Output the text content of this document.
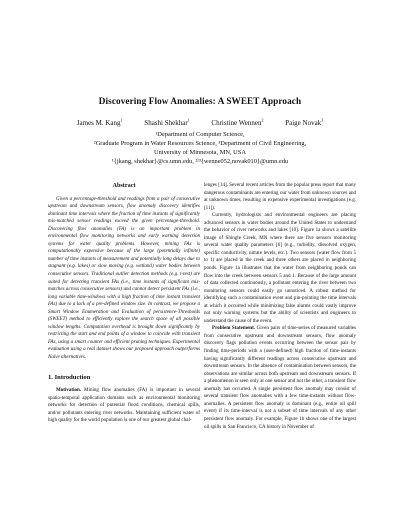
Discovering Flow Anomalies: A SWEET Approach
James M. Kang$^1$	Shashi Shekhar$^1$	Christine Wennen$^2$	Paige Novak$^3$
¹Department of Computer Science,
²Graduate Program in Water Resources Science, ³Department of Civil Engineering,
University of Minnesota, MN, USA
¹{jkang, shekhar}@cs.umn.edu, ²ˀ³{wenne052,novak010}@umn.edu
Abstract

Given a percentage-threshold and readings from a pair of consecutive upstream and downstream sensors, flow anomaly discovery identifies dominant time intervals where the fraction of time instants of significantly mis-matched sensor readings exceed the given percentage-threshold. Discovering flow anomalies (FA) is an important problem in environmental flow monitoring networks and early warning detection systems for water quality problems. However, mining FAs is computationally expensive because of the large (potentially infinite) number of time instants of measurement and potentially long delays due to stagnant (e.g. lakes) or slow moving (e.g. wetland) water bodies between consecutive sensors. Traditional outlier detection methods (e.g. t-test) are suited for detecting transient FAs (i.e., time instants of significant mis-matches across consecutive sensors) and cannot detect persistent FAs (i.e., long variable time-windows with a high fraction of time instant transient FAs) due to a lack of a pre-defined window size. In contrast, we propose a Smart Window Enumeration and Evaluation of persistence-Thresholds (SWEET) method to efficiently explore the search space of all possible window lengths. Computation overhead is brought down significantly by restricting the start and end points of a window to coincide with transient FAs, using a smart counter and efficient pruning techniques. Experimental evaluation using a real dataset shows our proposed approach outperforms Naïve alternatives.

1. Introduction

Motivation. Mining flow anomalies (FA) is important in several spatio-temporal application domains such as environmental monitoring networks for detection of potential flood conditions, chemical spills, and/or pollutants entering river networks. Maintaining sufficient water of high quality for the world population is one of our greatest global chal-

lenges [14]. Several recent articles from the popular press report that many dangerous contaminants are entering our water from unknown sources and at unknown times, resulting in expensive experimental investigations (e.g. [11]).

Currently, hydrologists and environmental engineers are placing advanced sensors in water bodies around the United States to understand the behavior of river networks and lakes [10]. Figure 1a shows a satellite image of Shingle Creek, MN where there are five sensors monitoring several water quality parameters [6] (e.g., turbidity, dissolved oxygen, specific conductivity, nitrate levels, etc.). Two sensors (water flow from 5 to 1) are placed in the creek and three others are placed in neighboring ponds. Figure 1a illustrates that the water from neighboring ponds can flow into the creek between sensors 5 and 1. Because of the large amount of data collected continuously, a pollutant entering the river between two monitoring sensors could easily go unnoticed. A robust method for identifying such a contamination event and pin-pointing the time intervals at which it occurred while minimizing false alarms could vastly improve not only warning systems but the ability of scientists and engineers to understand the cause of the event.

Problem Statement. Given pairs of time-series of measured variables from consecutive upstream and downstream sensors, flow anomaly discovery flags pollution events occurring between the sensor pair by finding time-periods with a (user-defined) high fraction of time-instants having significantly different readings across consecutive upstream and downstream sensors. In the absence of contamination between sensors, the observations are similar across both upstream and downstream sensors. If a phenomenon is seen only at one sensor and not the other, a transient flow anomaly has occurred. A single persistent flow anomaly may consist of several transient flow anomalies with a few time-instants without flow-anomalies. A persistent flow anomaly is dominant (e.g., entire oil spill event) if its time-interval is not a subset of time intervals of any other persistent flow anomaly. For example, Figure 1b shows one of the largest oil spills in San Francisco, CA history in November of
